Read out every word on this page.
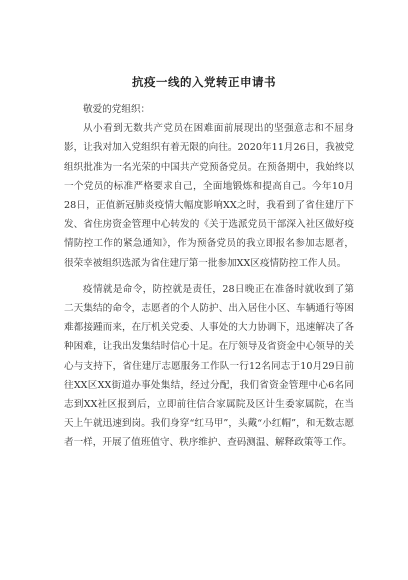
抗疫一线的入党转正申请书

敬爱的党组织：

从小看到无数共产党员在困难面前展现出的坚强意志和不屈身影，让我对加入党组织有着无限的向往。2020年11月26日，我被党组织批准为一名光荣的中国共产党预备党员。在预备期中，我始终以一个党员的标准严格要求自己，全面地锻炼和提高自己。今年10月28日，正值新冠肺炎疫情大幅度影响XX之时，我看到了省住建厅下发、省住房资金管理中心转发的《关于选派党员干部深入社区做好疫情防控工作的紧急通知》，作为预备党员的我立即报名参加志愿者，很荣幸被组织选派为省住建厅第一批参加XX区疫情防控工作人员。

疫情就是命令，防控就是责任，28日晚正在准备时就收到了第二天集结的命令，志愿者的个人防护、出入居住小区、车辆通行等困难都接踵而来，在厅机关党委、人事处的大力协调下，迅速解决了各种困难，让我出发集结时信心十足。在厅领导及省资金中心领导的关心与支持下，省住建厅志愿服务工作队一行12名同志于10月29日前往XX区XX街道办事处集结，经过分配，我们省资金管理中心6名同志到XX社区报到后，立即前往信合家属院及区计生委家属院，在当天上午就迅速到岗。我们身穿“红马甲”，头戴“小红帽”，和无数志愿者一样，开展了值班值守、秩序维护、查码测温、解释政策等工作。
